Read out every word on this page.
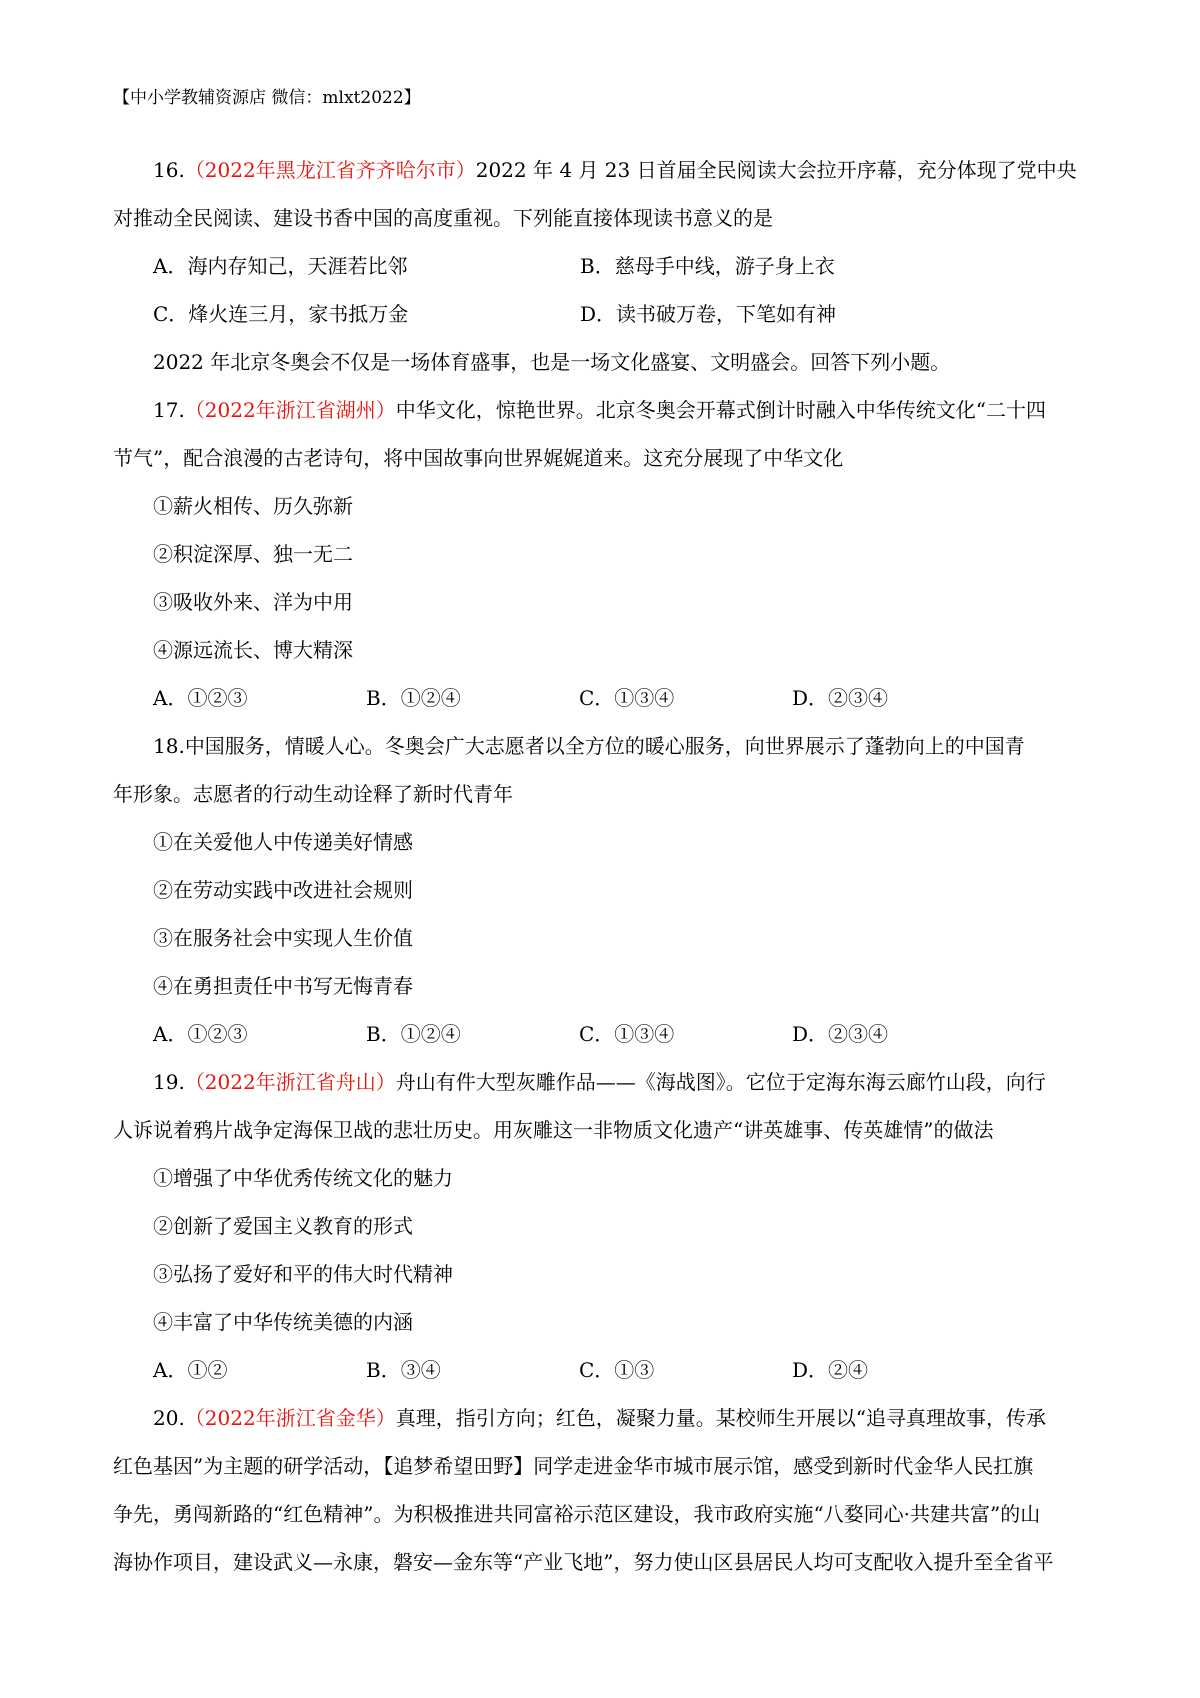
【中小学教辅资源店 微信：mlxt2022】
16.（2022年黑龙江省齐齐哈尔市）2022 年 4 月 23 日首届全民阅读大会拉开序幕，充分体现了党中央
对推动全民阅读、建设书香中国的高度重视。下列能直接体现读书意义的是
A．海内存知己，天涯若比邻	B．慈母手中线，游子身上衣
C．烽火连三月，家书抵万金	D．读书破万卷，下笔如有神
2022 年北京冬奥会不仅是一场体育盛事，也是一场文化盛宴、文明盛会。回答下列小题。
17.（2022年浙江省湖州）中华文化，惊艳世界。北京冬奥会开幕式倒计时融入中华传统文化“二十四
节气”，配合浪漫的古老诗句，将中国故事向世界娓娓道来。这充分展现了中华文化
①薪火相传、历久弥新
②积淀深厚、独一无二
③吸收外来、洋为中用
④源远流长、博大精深
A．①②③	B．①②④	C．①③④	D．②③④
18.中国服务，情暖人心。冬奥会广大志愿者以全方位的暖心服务，向世界展示了蓬勃向上的中国青
年形象。志愿者的行动生动诠释了新时代青年
①在关爱他人中传递美好情感
②在劳动实践中改进社会规则
③在服务社会中实现人生价值
④在勇担责任中书写无悔青春
A．①②③	B．①②④	C．①③④	D．②③④
19.（2022年浙江省舟山）舟山有件大型灰雕作品——《海战图》。它位于定海东海云廊竹山段，向行
人诉说着鸦片战争定海保卫战的悲壮历史。用灰雕这一非物质文化遗产“讲英雄事、传英雄情”的做法
①增强了中华优秀传统文化的魅力
②创新了爱国主义教育的形式
③弘扬了爱好和平的伟大时代精神
④丰富了中华传统美德的内涵
A．①②	B．③④	C．①③	D．②④
20.（2022年浙江省金华）真理，指引方向；红色，凝聚力量。某校师生开展以“追寻真理故事，传承
红色基因”为主题的研学活动，【追梦希望田野】同学走进金华市城市展示馆，感受到新时代金华人民扛旗
争先，勇闯新路的“红色精神”。为积极推进共同富裕示范区建设，我市政府实施“八婺同心·共建共富”的山
海协作项目，建设武义—永康，磐安—金东等“产业飞地”，努力使山区县居民人均可支配收入提升至全省平
